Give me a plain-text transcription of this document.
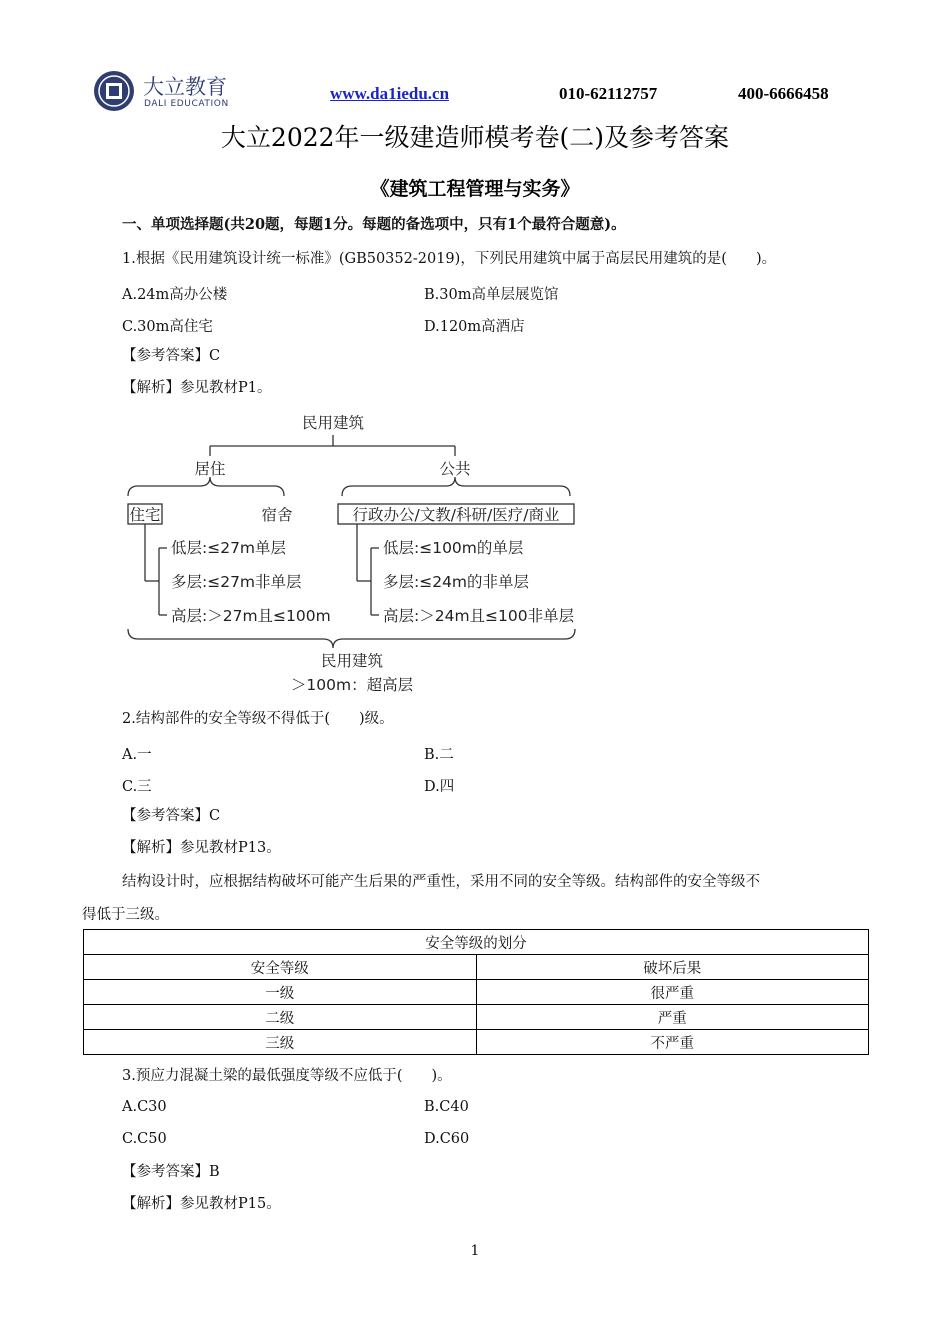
大立教育
DALI EDUCATION
www.da1iedu.cn	010-62112757	400-6666458
大立2022年一级建造师模考卷(二)及参考答案
《建筑工程管理与实务》
一、单项选择题(共20题，每题1分。每题的备选项中，只有1个最符合题意)。
1.根据《民用建筑设计统一标准》(GB50352-2019)，下列民用建筑中属于高层民用建筑的是(　　)。
A.24m高办公楼	B.30m高单层展览馆
C.30m高住宅	D.120m高酒店
【参考答案】C
【解析】参见教材P1。
民用建筑
居住	公共
住宅	宿舍	行政办公/文教/科研/医疗/商业
低层:≤27m单层
多层:≤27m非单层
高层:＞27m且≤100m
低层:≤100m的单层
多层:≤24m的非单层
高层:＞24m且≤100非单层
民用建筑
＞100m：超高层
2.结构部件的安全等级不得低于(　　)级。
A.一	B.二
C.三	D.四
【参考答案】C
【解析】参见教材P13。
结构设计时，应根据结构破坏可能产生后果的严重性，采用不同的安全等级。结构部件的安全等级不
得低于三级。
安全等级的划分	
安全等级	破坏后果
一级	很严重
二级	严重
三级	不严重
3.预应力混凝土梁的最低强度等级不应低于(　　)。
A.C30	B.C40
C.C50	D.C60
【参考答案】B
【解析】参见教材P15。
1
